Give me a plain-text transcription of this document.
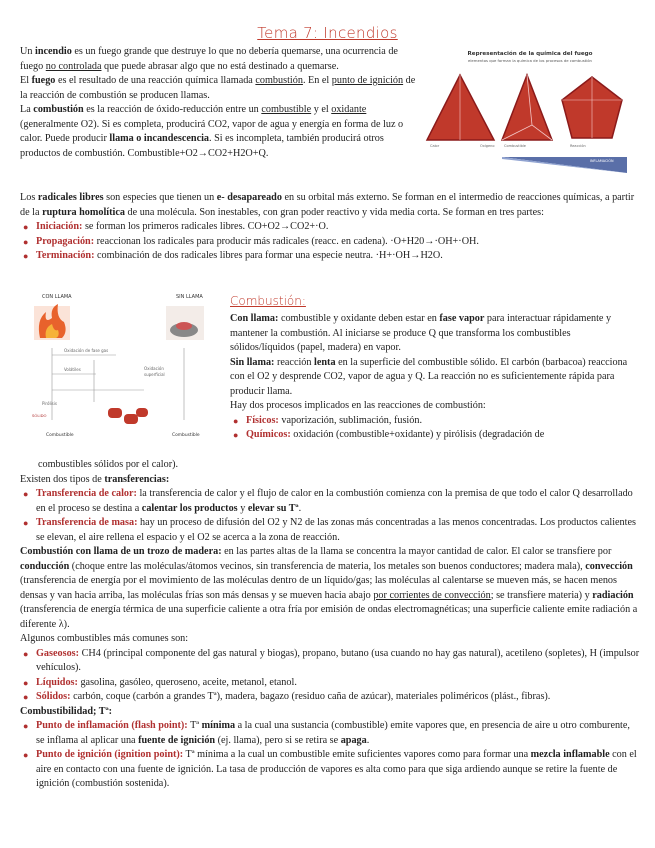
Tema 7: Incendios

Un incendio es un fuego grande que destruye lo que no debería quemarse, una ocurrencia de fuego no controlada que puede abrasar algo que no está destinado a quemarse.

El fuego es el resultado de una reacción química llamada combustión. En el punto de ignición de la reacción de combustión se producen llamas.

La combustión es la reacción de óxido-reducción entre un combustible y el oxidante (generalmente O2). Si es completa, producirá CO2, vapor de agua y energía en forma de luz o calor. Puede producir llama o incandescencia. Si es incompleta, también producirá otros productos de combustión. Combustible+O2→CO2+H2O+Q.

Representación de la química del fuego
elementos que forman la química de los procesos de combustión
Calor	Oxígeno	Combustible	Reacción
INFLAMACIÓN

Los radicales libres son especies que tienen un e- desapareado en su orbital más externo. Se forman en el intermedio de reacciones químicas, a partir de la ruptura homolítica de una molécula. Son inestables, con gran poder reactivo y vida media corta. Se forman en tres partes:

● Iniciación: se forman los primeros radicales libres. CO+O2→CO2+·O.

● Propagación: reaccionan los radicales para producir más radicales (reacc. en cadena). ·O+H20→·OH+·OH.

● Terminación: combinación de dos radicales libres para formar una especie neutra. ·H+·OH→H2O.

CON LLAMA	SIN LLAMA
Oxidación de fase gas
Volátiles	Oxidación
superficial
Pirólisis
SÓLIDO
Combustible	Combustible
Combustión:

Con llama: combustible y oxidante deben estar en fase vapor para interactuar rápidamente y mantener la combustión. Al iniciarse se produce Q que transforma los combustibles sólidos/líquidos (papel, madera) en vapor.

Sin llama: reacción lenta en la superficie del combustible sólido. El carbón (barbacoa) reacciona con el O2 y desprende CO2, vapor de agua y Q. La reacción no es suficientemente rápida para producir llama.

Hay dos procesos implicados en las reacciones de combustión:

● Físicos: vaporización, sublimación, fusión.

● Químicos: oxidación (combustible+oxidante) y pirólisis (degradación de

combustibles sólidos por el calor).

Existen dos tipos de transferencias:

● Transferencia de calor: la transferencia de calor y el flujo de calor en la combustión comienza con la premisa de que todo el calor Q desarrollado en el proceso se destina a calentar los productos y elevar su Tª.

● Transferencia de masa: hay un proceso de difusión del O2 y N2 de las zonas más concentradas a las menos concentradas. Los productos calientes se elevan, el aire rellena el espacio y el O2 se acerca a la zona de reacción.

Combustión con llama de un trozo de madera: en las partes altas de la llama se concentra la mayor cantidad de calor. El calor se transfiere por conducción (choque entre las moléculas/átomos vecinos, sin transferencia de materia, los metales son buenos conductores; madera mala), convección (transferencia de energía por el movimiento de las moléculas dentro de un líquido/gas; las moléculas al calentarse se mueven más, se hacen menos densas y van hacia arriba, las moléculas frías son más densas y se mueven hacia abajo por corrientes de convección; se transfiere materia) y radiación (transferencia de energía térmica de una superficie caliente a otra fría por emisión de ondas electromagnéticas; una superficie caliente emite radiación a diferente λ).

Algunos combustibles más comunes son:

● Gaseosos: CH4 (principal componente del gas natural y biogas), propano, butano (usa cuando no hay gas natural), acetileno (sopletes), H (impulsor vehículos).

● Líquidos: gasolina, gasóleo, queroseno, aceite, metanol, etanol.

● Sólidos: carbón, coque (carbón a grandes Tª), madera, bagazo (residuo caña de azúcar), materiales poliméricos (plást., fibras).

Combustibilidad; Tª:

● Punto de inflamación (flash point): Tª mínima a la cual una sustancia (combustible) emite vapores que, en presencia de aire u otro comburente, se inflama al aplicar una fuente de ignición (ej. llama), pero si se retira se apaga.

● Punto de ignición (ignition point): Tª mínima a la cual un combustible emite suficientes vapores como para formar una mezcla inflamable con el aire en contacto con una fuente de ignición. La tasa de producción de vapores es alta como para que siga ardiendo aunque se retire la fuente de ignición (combustión sostenida).
